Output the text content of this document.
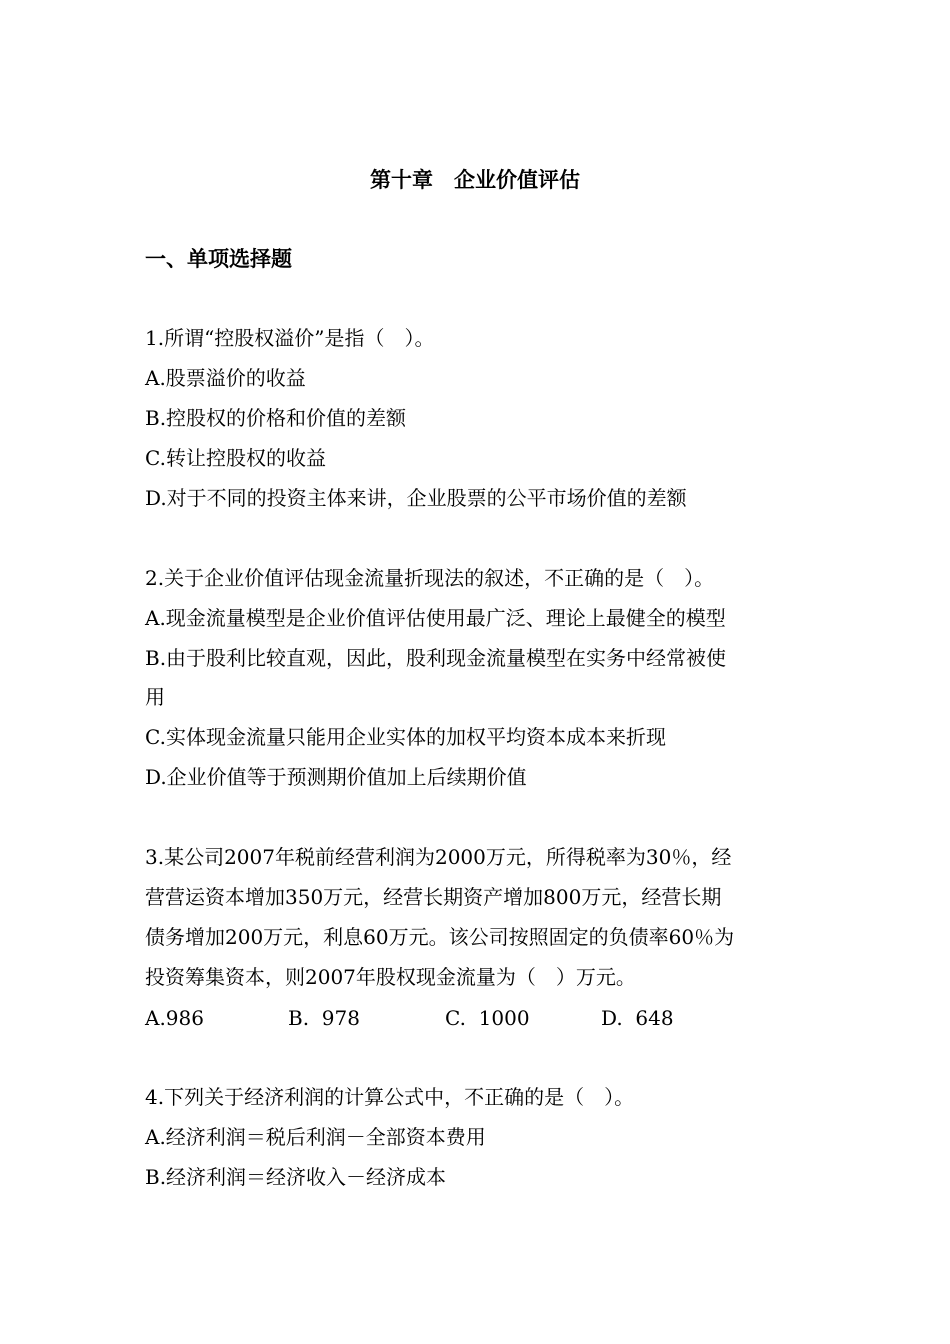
第十章　企业价值评估
一、单项选择题
1.所谓“控股权溢价”是指（　）。
A.股票溢价的收益
B.控股权的价格和价值的差额
C.转让控股权的收益
D.对于不同的投资主体来讲，企业股票的公平市场价值的差额
2.关于企业价值评估现金流量折现法的叙述，不正确的是（　）。
A.现金流量模型是企业价值评估使用最广泛、理论上最健全的模型
B.由于股利比较直观，因此，股利现金流量模型在实务中经常被使
用
C.实体现金流量只能用企业实体的加权平均资本成本来折现
D.企业价值等于预测期价值加上后续期价值
3.某公司2007年税前经营利润为2000万元，所得税率为30％，经
营营运资本增加350万元，经营长期资产增加800万元，经营长期
债务增加200万元，利息60万元。该公司按照固定的负债率60％为
投资筹集资本，则2007年股权现金流量为（　）万元。
A.986	B.  978	C.  1000	D.  648
4.下列关于经济利润的计算公式中，不正确的是（　）。
A.经济利润＝税后利润－全部资本费用
B.经济利润＝经济收入－经济成本
